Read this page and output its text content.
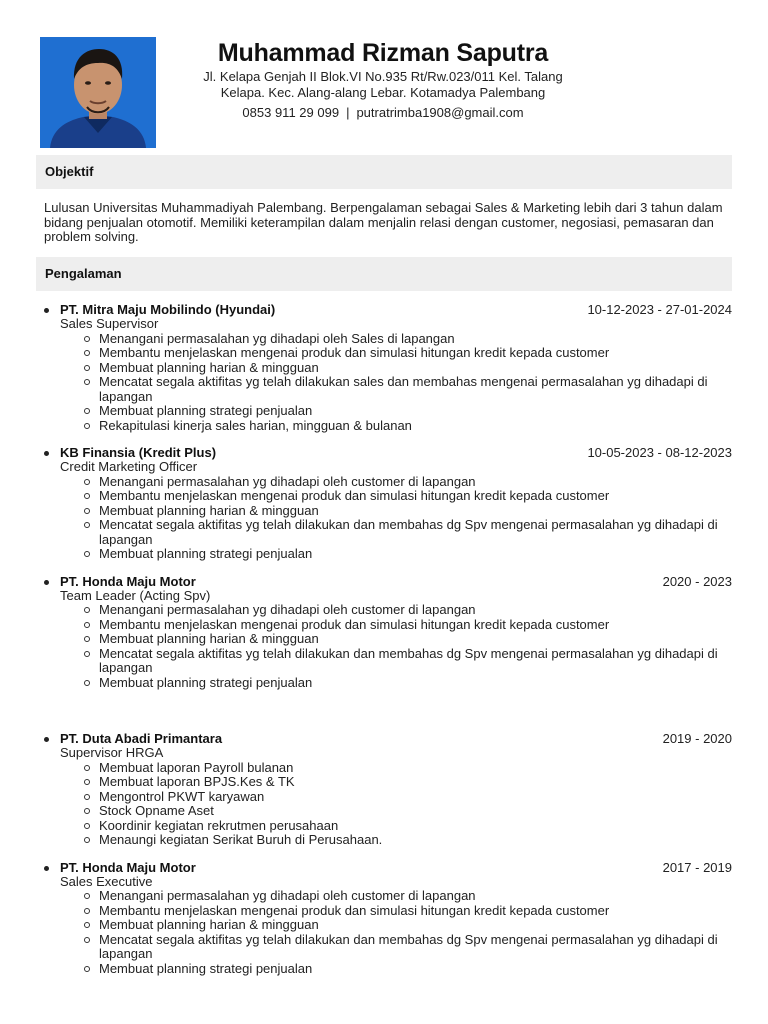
Muhammad Rizman Saputra
Jl. Kelapa Genjah II Blok.VI No.935 Rt/Rw.023/011 Kel. Talang
Kelapa. Kec. Alang-alang Lebar. Kotamadya Palembang
0853 911 29 099 | putratrimba1908@gmail.com
Objektif
Lulusan Universitas Muhammadiyah Palembang. Berpengalaman sebagai Sales & Marketing lebih dari 3 tahun dalam bidang penjualan otomotif. Memiliki keterampilan dalam menjalin relasi dengan customer, negosiasi, pemasaran dan problem solving.
Pengalaman
PT. Mitra Maju Mobilindo (Hyundai)	10-12-2023 - 27-01-2024
Sales Supervisor
Menangani permasalahan yg dihadapi oleh Sales di lapangan
Membantu menjelaskan mengenai produk dan simulasi hitungan kredit kepada customer
Membuat planning harian & mingguan
Mencatat segala aktifitas yg telah dilakukan sales dan membahas mengenai permasalahan yg dihadapi di lapangan
Membuat planning strategi penjualan
Rekapitulasi kinerja sales harian, mingguan & bulanan
KB Finansia (Kredit Plus)	10-05-2023 - 08-12-2023
Credit Marketing Officer
Menangani permasalahan yg dihadapi oleh customer di lapangan
Membantu menjelaskan mengenai produk dan simulasi hitungan kredit kepada customer
Membuat planning harian & mingguan
Mencatat segala aktifitas yg telah dilakukan dan membahas dg Spv mengenai permasalahan yg dihadapi di lapangan
Membuat planning strategi penjualan
PT. Honda Maju Motor	2020 - 2023
Team Leader (Acting Spv)
Menangani permasalahan yg dihadapi oleh customer di lapangan
Membantu menjelaskan mengenai produk dan simulasi hitungan kredit kepada customer
Membuat planning harian & mingguan
Mencatat segala aktifitas yg telah dilakukan dan membahas dg Spv mengenai permasalahan yg dihadapi di lapangan
Membuat planning strategi penjualan
PT. Duta Abadi Primantara	2019 - 2020
Supervisor HRGA
Membuat laporan Payroll bulanan
Membuat laporan BPJS.Kes & TK
Mengontrol PKWT karyawan
Stock Opname Aset
Koordinir kegiatan rekrutmen perusahaan
Menaungi kegiatan Serikat Buruh di Perusahaan.
PT. Honda Maju Motor	2017 - 2019
Sales Executive
Menangani permasalahan yg dihadapi oleh customer di lapangan
Membantu menjelaskan mengenai produk dan simulasi hitungan kredit kepada customer
Membuat planning harian & mingguan
Mencatat segala aktifitas yg telah dilakukan dan membahas dg Spv mengenai permasalahan yg dihadapi di lapangan
Membuat planning strategi penjualan
